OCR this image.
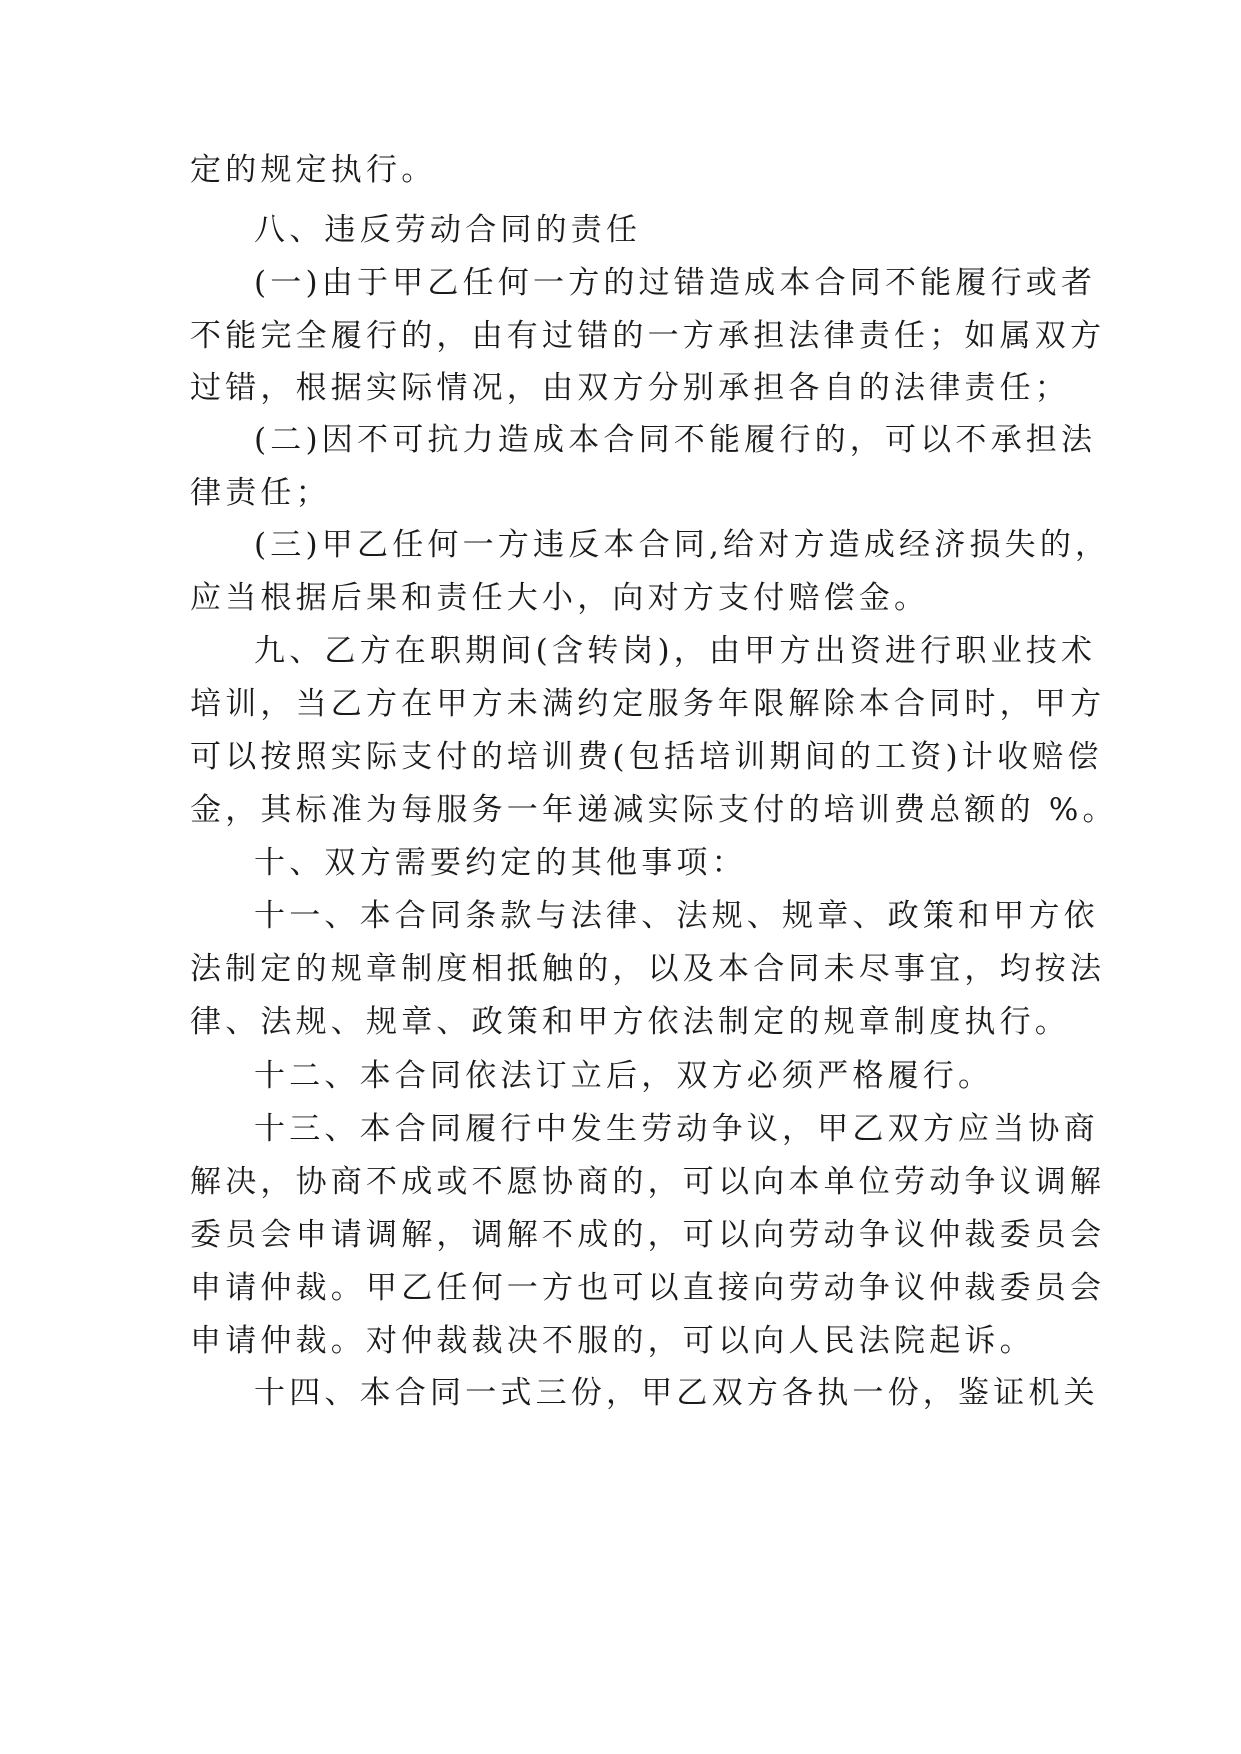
定的规定执行。
八、违反劳动合同的责任
(一)由于甲乙任何一方的过错造成本合同不能履行或者
不能完全履行的，由有过错的一方承担法律责任；如属双方
过错，根据实际情况，由双方分别承担各自的法律责任；
(二)因不可抗力造成本合同不能履行的，可以不承担法
律责任；
(三)甲乙任何一方违反本合同,给对方造成经济损失的，
应当根据后果和责任大小，向对方支付赔偿金。
九、乙方在职期间(含转岗)，由甲方出资进行职业技术
培训，当乙方在甲方未满约定服务年限解除本合同时，甲方
可以按照实际支付的培训费(包括培训期间的工资)计收赔偿
金，其标准为每服务一年递减实际支付的培训费总额的 %。
十、双方需要约定的其他事项：
十一、本合同条款与法律、法规、规章、政策和甲方依
法制定的规章制度相抵触的，以及本合同未尽事宜，均按法
律、法规、规章、政策和甲方依法制定的规章制度执行。
十二、本合同依法订立后，双方必须严格履行。
十三、本合同履行中发生劳动争议，甲乙双方应当协商
解决，协商不成或不愿协商的，可以向本单位劳动争议调解
委员会申请调解，调解不成的，可以向劳动争议仲裁委员会
申请仲裁。甲乙任何一方也可以直接向劳动争议仲裁委员会
申请仲裁。对仲裁裁决不服的，可以向人民法院起诉。
十四、本合同一式三份，甲乙双方各执一份，鉴证机关
